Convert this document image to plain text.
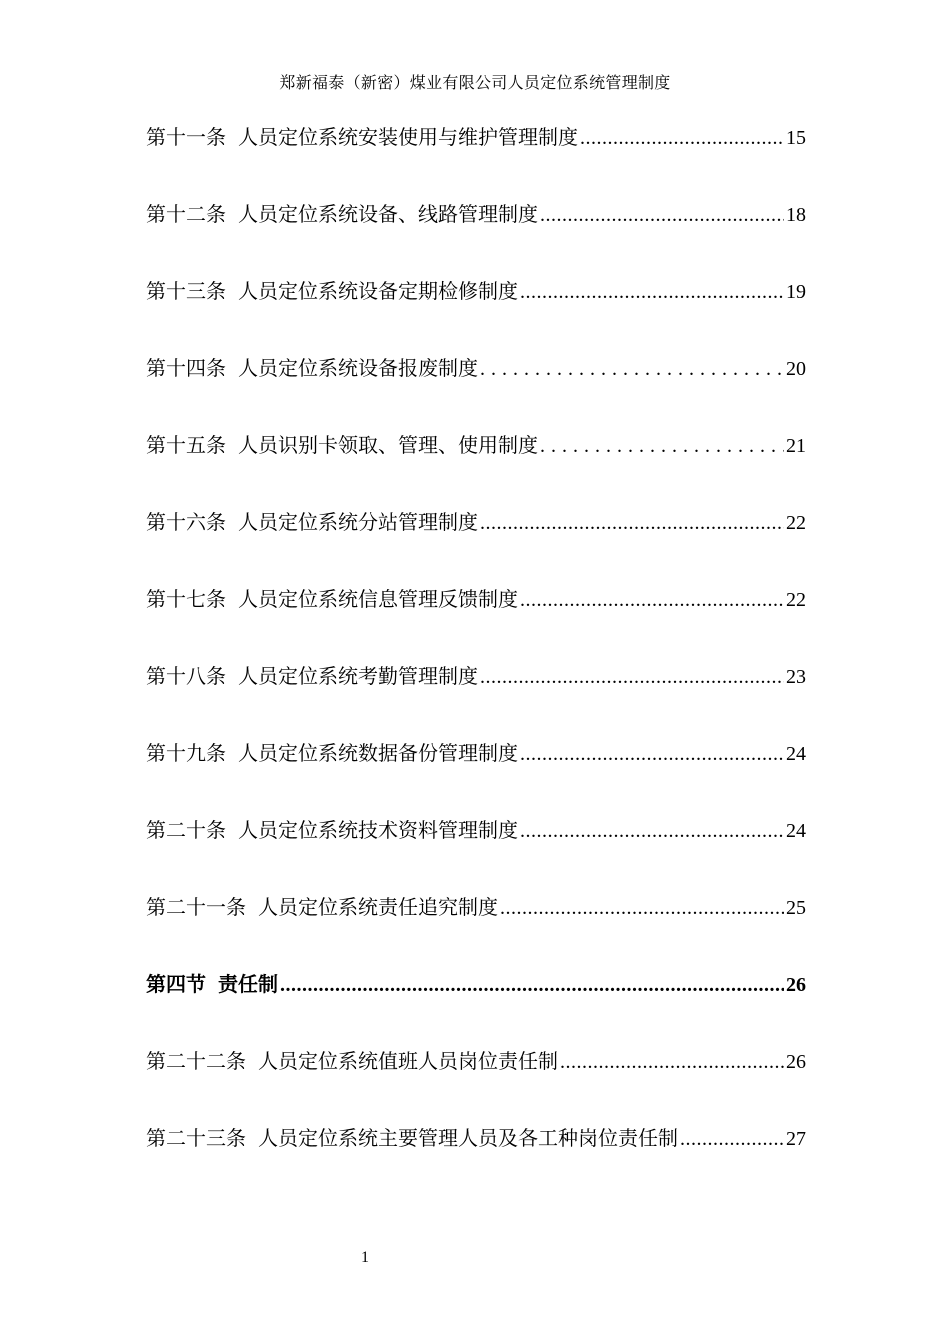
郑新福泰（新密）煤业有限公司人员定位系统管理制度
第十一条 人员定位系统安装使用与维护管理制度 .....	15
第十二条 人员定位系统设备、线路管理制度 .....	18
第十三条 人员定位系统设备定期检修制度 .....	19
第十四条 人员定位系统设备报废制度 .....	20
第十五条 人员识别卡领取、管理、使用制度 .....	21
第十六条 人员定位系统分站管理制度 .....	22
第十七条 人员定位系统信息管理反馈制度 .....	22
第十八条 人员定位系统考勤管理制度 .....	23
第十九条 人员定位系统数据备份管理制度 .....	24
第二十条 人员定位系统技术资料管理制度 .....	24
第二十一条 人员定位系统责任追究制度 .....	25
第四节 责任制 .....	26
第二十二条 人员定位系统值班人员岗位责任制 .....	26
第二十三条 人员定位系统主要管理人员及各工种岗位责任制 .....	27
1
